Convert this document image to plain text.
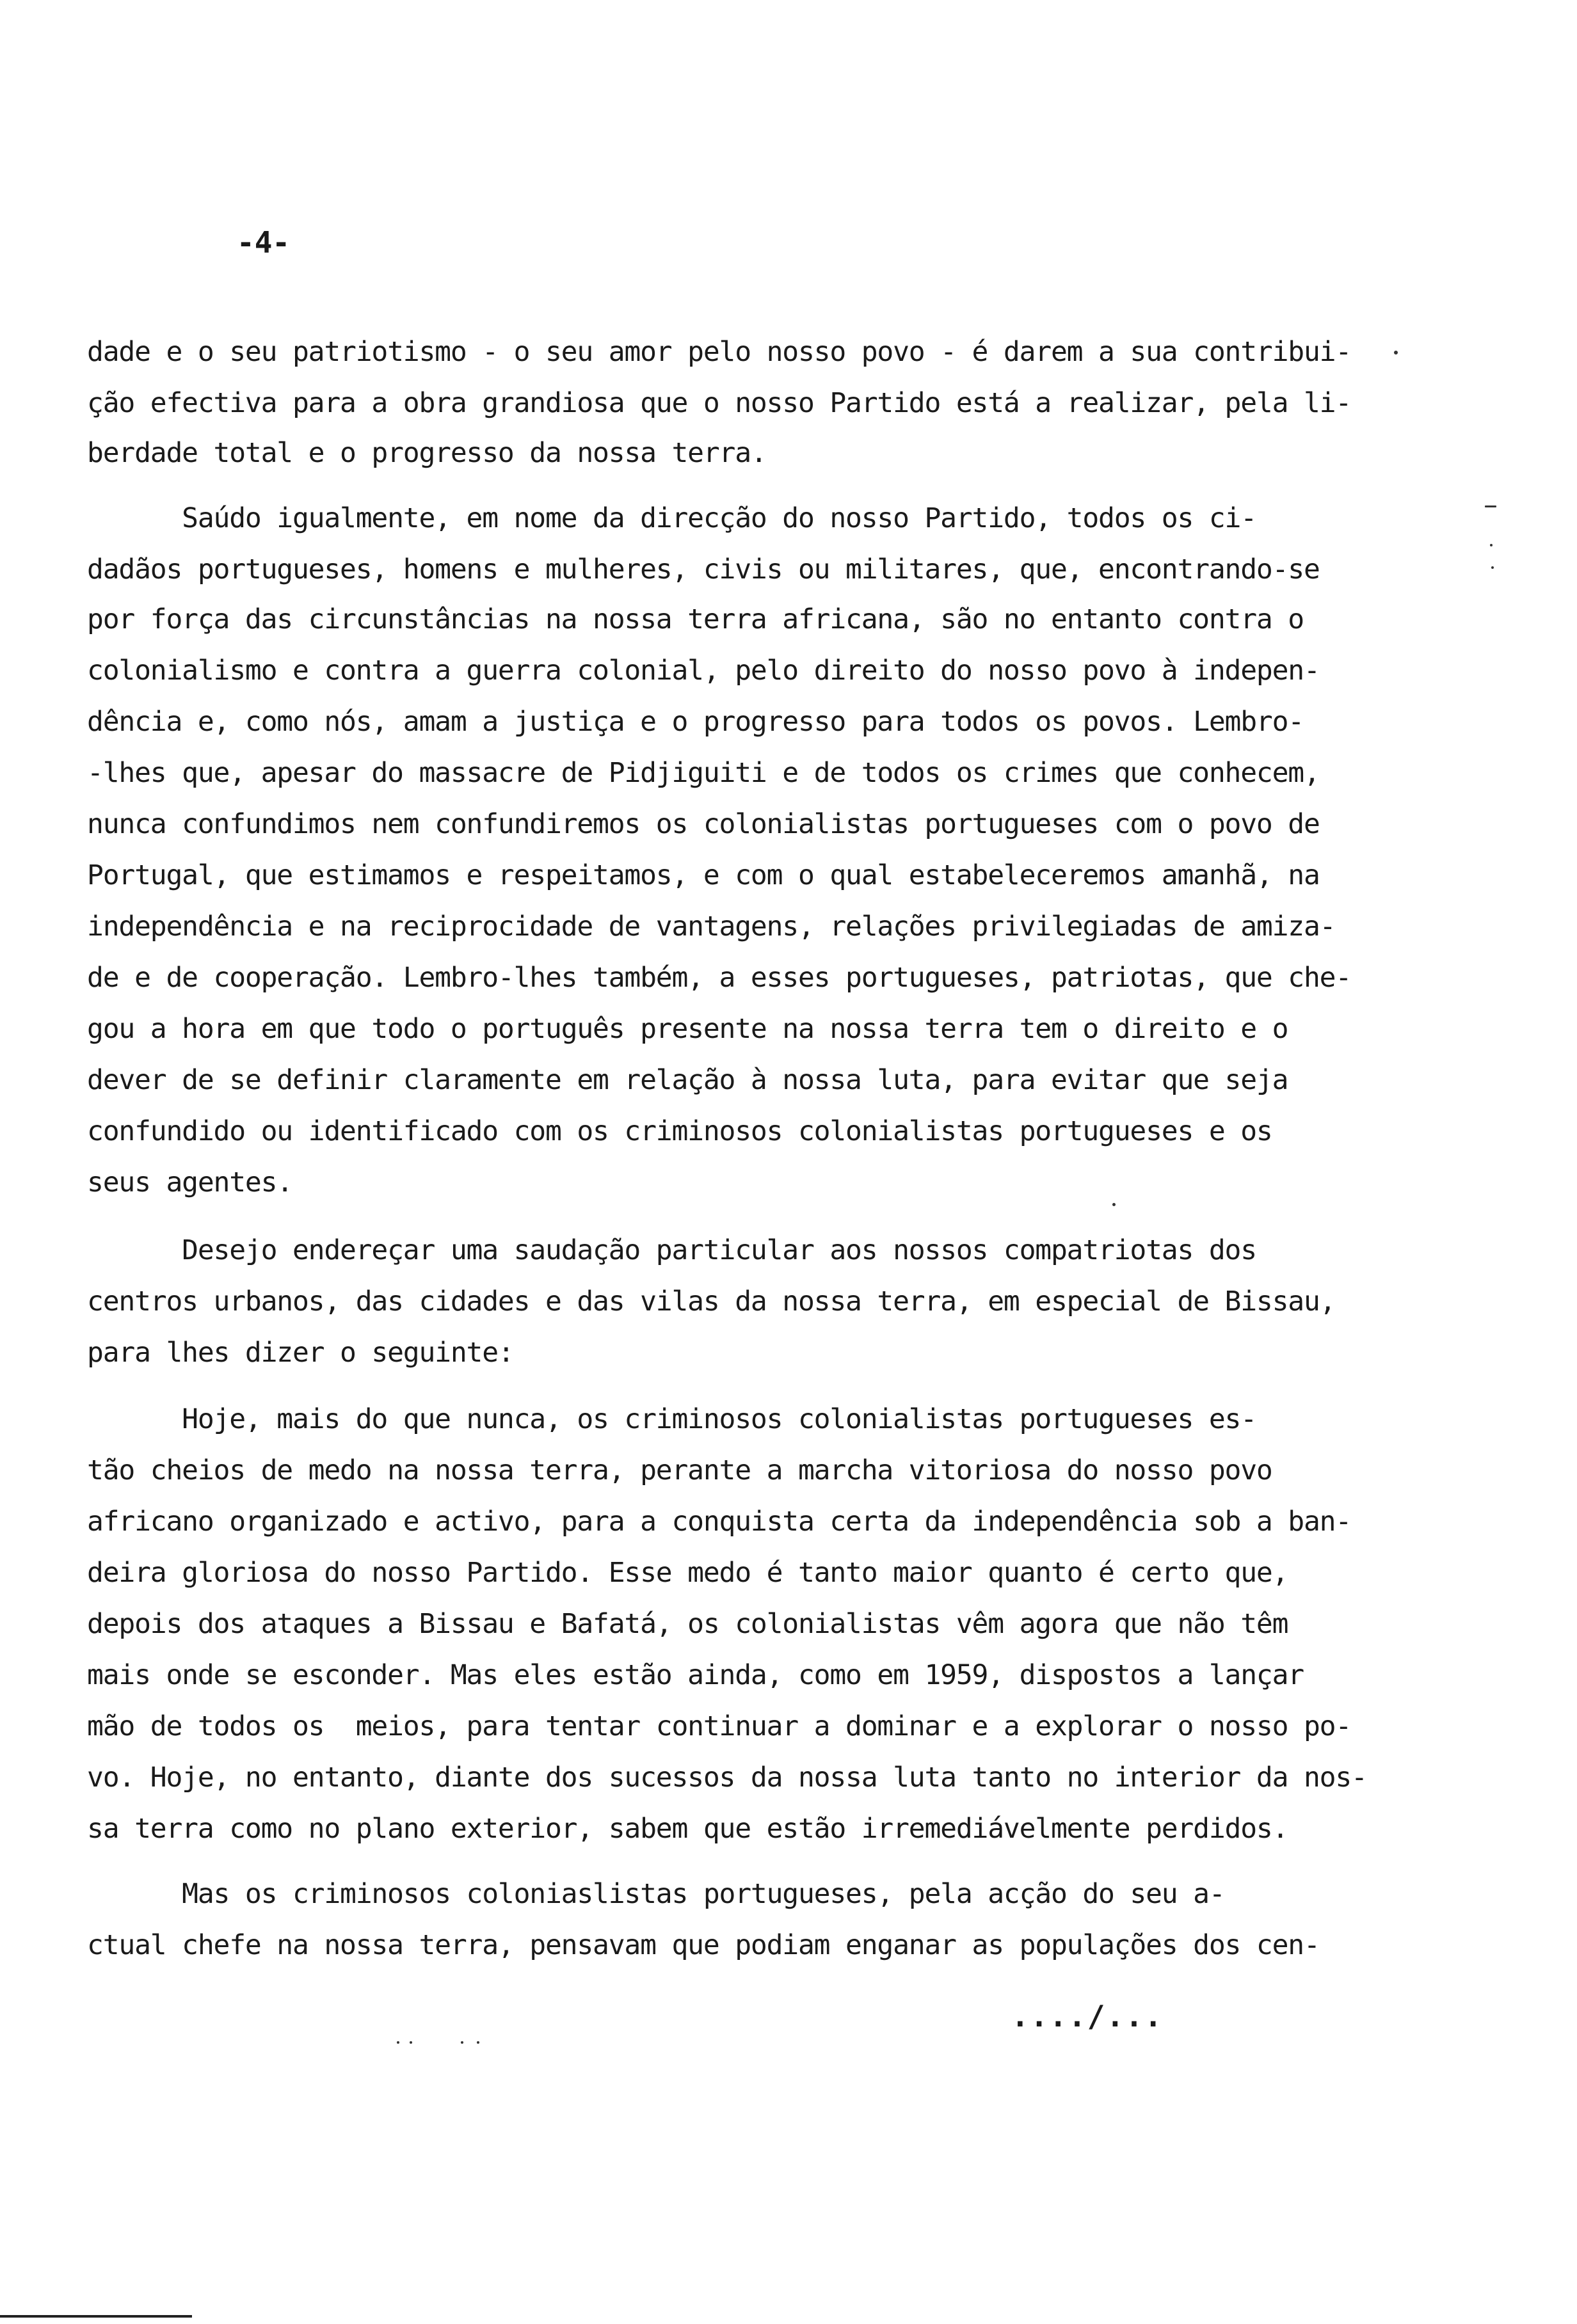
-4-
dade e o seu patriotismo - o seu amor pelo nosso povo - é darem a sua contribui-
ção efectiva para a obra grandiosa que o nosso Partido está a realizar, pela li-
berdade total e o progresso da nossa terra.
Saúdo igualmente, em nome da direcção do nosso Partido, todos os ci-
dadãos portugueses, homens e mulheres, civis ou militares, que, encontrando-se
por força das circunstâncias na nossa terra africana, são no entanto contra o
colonialismo e contra a guerra colonial, pelo direito do nosso povo à indepen-
dência e, como nós, amam a justiça e o progresso para todos os povos. Lembro-
-lhes que, apesar do massacre de Pidjiguiti e de todos os crimes que conhecem,
nunca confundimos nem confundiremos os colonialistas portugueses com o povo de
Portugal, que estimamos e respeitamos, e com o qual estabeleceremos amanhã, na
independência e na reciprocidade de vantagens, relações privilegiadas de amiza-
de e de cooperação. Lembro-lhes também, a esses portugueses, patriotas, que che-
gou a hora em que todo o português presente na nossa terra tem o direito e o
dever de se definir claramente em relação à nossa luta, para evitar que seja
confundido ou identificado com os criminosos colonialistas portugueses e os
seus agentes.
Desejo endereçar uma saudação particular aos nossos compatriotas dos
centros urbanos, das cidades e das vilas da nossa terra, em especial de Bissau,
para lhes dizer o seguinte:
Hoje, mais do que nunca, os criminosos colonialistas portugueses es-
tão cheios de medo na nossa terra, perante a marcha vitoriosa do nosso povo
africano organizado e activo, para a conquista certa da independência sob a ban-
deira gloriosa do nosso Partido. Esse medo é tanto maior quanto é certo que,
depois dos ataques a Bissau e Bafatá, os colonialistas vêm agora que não têm
mais onde se esconder. Mas eles estão ainda, como em 1959, dispostos a lançar
mão de todos os  meios, para tentar continuar a dominar e a explorar o nosso po-
vo. Hoje, no entanto, diante dos sucessos da nossa luta tanto no interior da nos-
sa terra como no plano exterior, sabem que estão irremediávelmente perdidos.
Mas os criminosos coloniaslistas portugueses, pela acção do seu a-
ctual chefe na nossa terra, pensavam que podiam enganar as populações dos cen-
..../...
